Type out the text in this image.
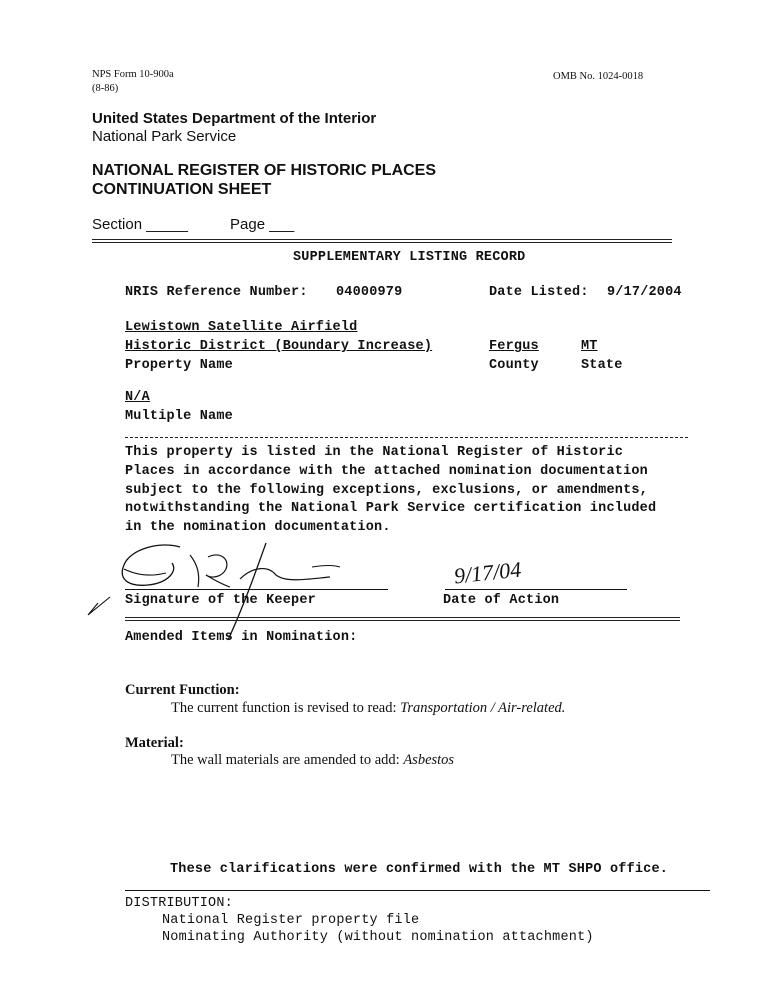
NPS Form 10-900a
(8-86)
OMB No. 1024-0018
United States Department of the Interior
National Park Service
NATIONAL REGISTER OF HISTORIC PLACES
CONTINUATION SHEET
Section _____	Page ___
SUPPLEMENTARY LISTING RECORD
NRIS Reference Number: 04000979	Date Listed: 9/17/2004
Lewistown Satellite Airfield
Historic District (Boundary Increase)	Fergus	MT
Property Name	County	State
N/A
Multiple Name
This property is listed in the National Register of Historic
Places in accordance with the attached nomination documentation
subject to the following exceptions, exclusions, or amendments,
notwithstanding the National Park Service certification included
in the nomination documentation.
9/17/04
Signature of the Keeper	Date of Action
Amended Items in Nomination:
Current Function:
The current function is revised to read: Transportation / Air-related.
Material:
The wall materials are amended to add: Asbestos
These clarifications were confirmed with the MT SHPO office.
DISTRIBUTION:
National Register property file
Nominating Authority (without nomination attachment)
